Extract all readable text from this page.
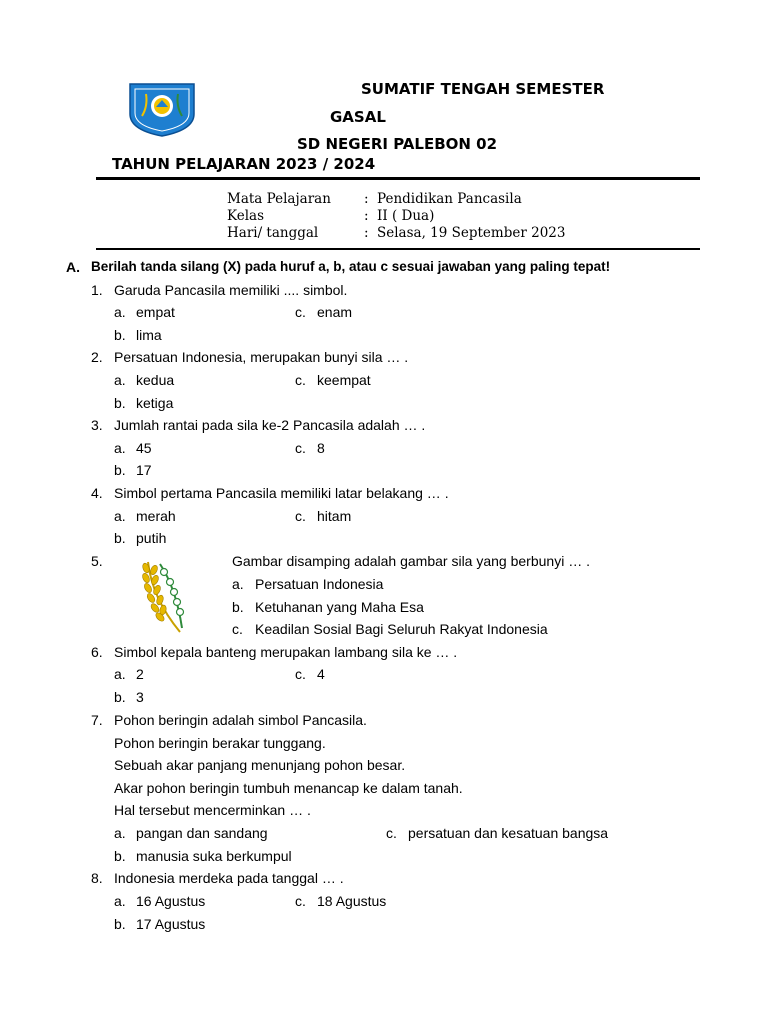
SUMATIF TENGAH SEMESTER
GASAL
SD NEGERI PALEBON 02
TAHUN PELAJARAN 2023 / 2024
Mata Pelajaran : Pendidikan Pancasila
Kelas	: II ( Dua)
Hari/ tanggal	: Selasa, 19 September 2023
A. Berilah tanda silang (X) pada huruf a, b, atau c sesuai jawaban yang paling tepat!
1. Garuda Pancasila memiliki .... simbol.
a. empat	c. enam
b. lima
2. Persatuan Indonesia, merupakan bunyi sila … .
a. kedua	c. keempat
b. ketiga
3. Jumlah rantai pada sila ke-2 Pancasila adalah … .
a. 45	c. 8
b. 17
4. Simbol pertama Pancasila memiliki latar belakang … .
a. merah	c. hitam
b. putih
5.	Gambar disamping adalah gambar sila yang berbunyi … .
a. Persatuan Indonesia
b. Ketuhanan yang Maha Esa
c. Keadilan Sosial Bagi Seluruh Rakyat Indonesia
6. Simbol kepala banteng merupakan lambang sila ke … .
a. 2	c. 4
b. 3
7. Pohon beringin adalah simbol Pancasila.
Pohon beringin berakar tunggang.
Sebuah akar panjang menunjang pohon besar.
Akar pohon beringin tumbuh menancap ke dalam tanah.
Hal tersebut mencerminkan … .
a. pangan dan sandang	c. persatuan dan kesatuan bangsa
b. manusia suka berkumpul
8. Indonesia merdeka pada tanggal … .
a. 16 Agustus	c. 18 Agustus
b. 17 Agustus
